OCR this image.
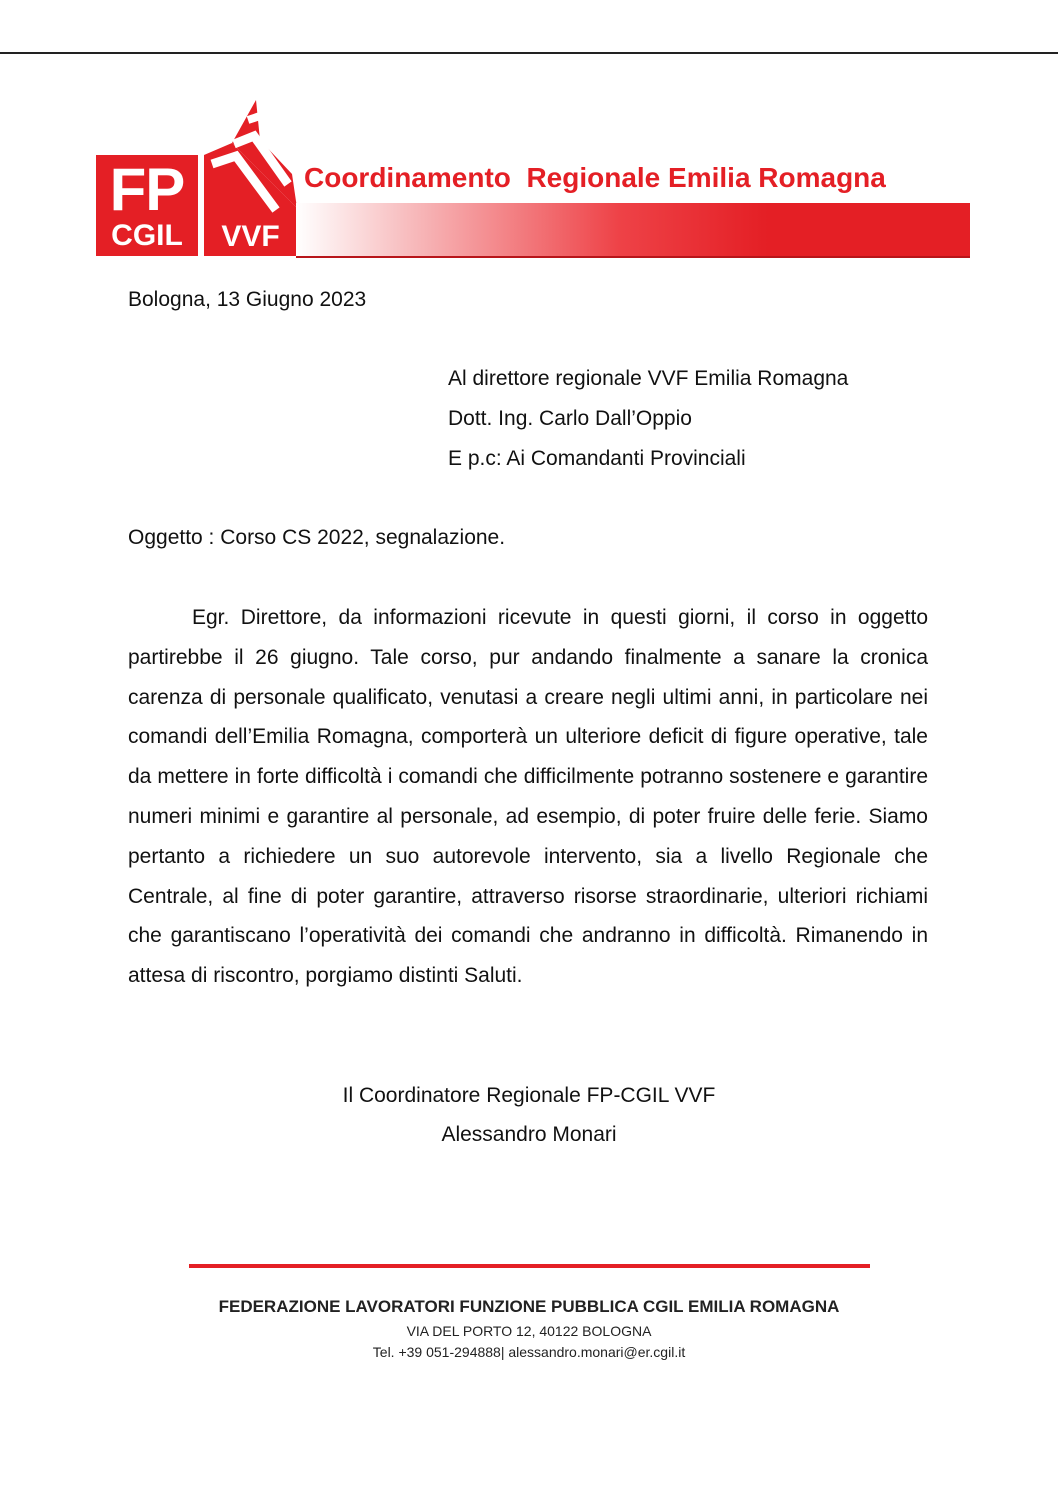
FP
CGIL	VVF
Coordinamento  Regionale Emilia Romagna
Bologna, 13 Giugno 2023
Al direttore regionale VVF Emilia Romagna
Dott. Ing. Carlo Dall’Oppio
E p.c: Ai Comandanti Provinciali
Oggetto : Corso CS 2022, segnalazione.
Egr. Direttore, da informazioni ricevute in questi giorni, il corso in oggetto partirebbe il 26 giugno. Tale corso, pur andando finalmente a sanare la cronica carenza di personale qualificato, venutasi a creare negli ultimi anni, in particolare nei comandi dell’Emilia Romagna, comporterà un ulteriore deficit di figure operative, tale da mettere in forte difficoltà i comandi che difficilmente potranno sostenere e garantire numeri minimi e garantire al personale, ad esempio, di poter fruire delle ferie. Siamo pertanto a richiedere un suo autorevole intervento, sia a livello Regionale che Centrale, al fine di poter garantire, attraverso risorse straordinarie, ulteriori richiami che garantiscano l’operatività dei comandi che andranno in difficoltà. Rimanendo in attesa di riscontro, porgiamo distinti Saluti.
Il Coordinatore Regionale FP-CGIL VVF
Alessandro Monari
FEDERAZIONE LAVORATORI FUNZIONE PUBBLICA CGIL EMILIA ROMAGNA
VIA DEL PORTO 12, 40122 BOLOGNA
Tel. +39 051-294888| alessandro.monari@er.cgil.it
